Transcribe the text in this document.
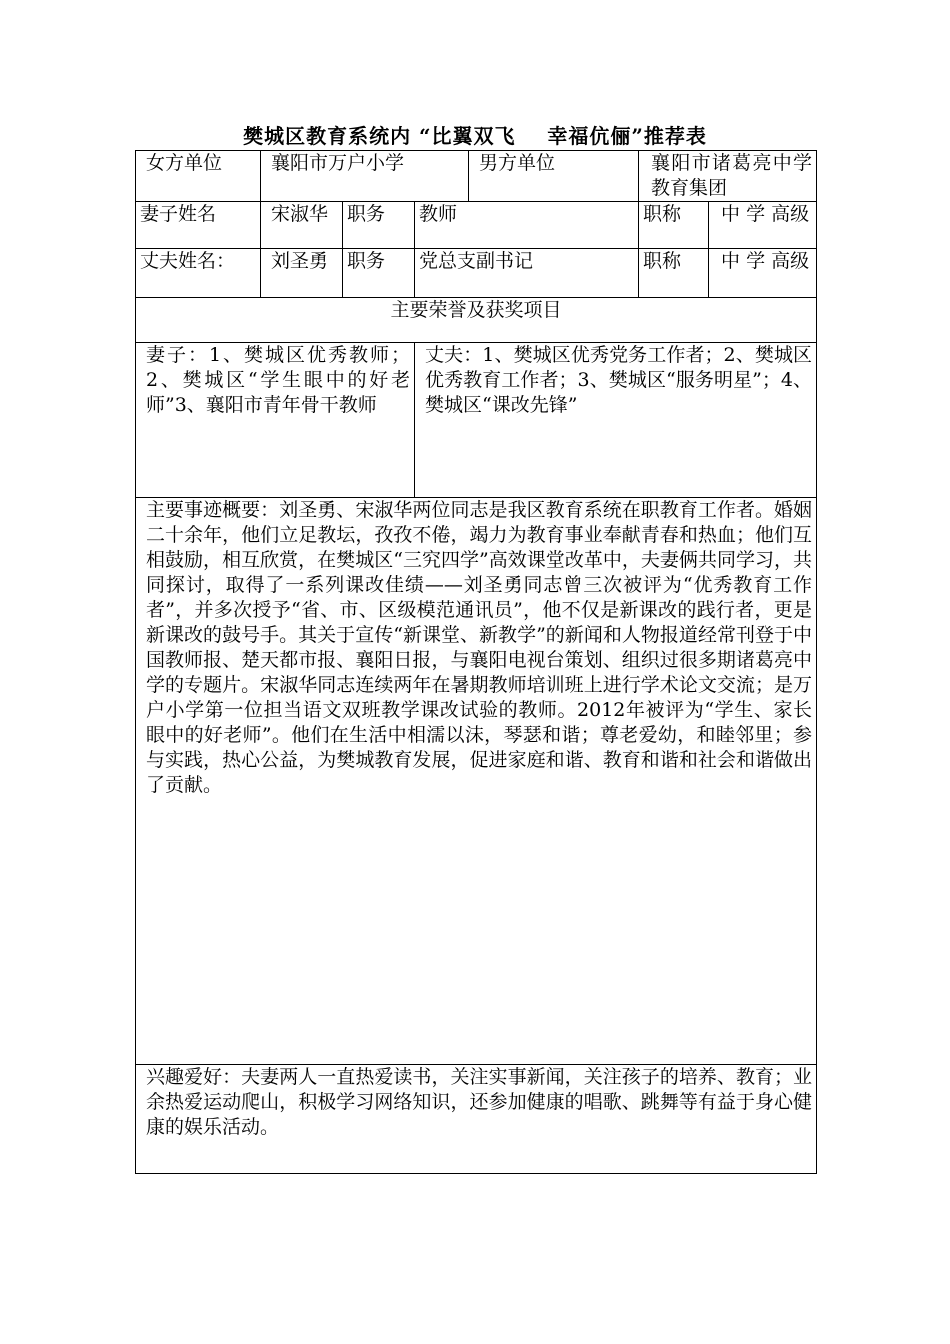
樊城区教育系统内 “比翼双飞    幸福伉俪”推荐表
女方单位	襄阳市万户小学			男方单位	襄阳市诸葛亮中学教育集团	
妻子姓名	宋淑华	职务	教师		职称	中 学 高级
丈夫姓名：	刘圣勇	职务	党总支副书记		职称	中 学 高级
主要荣誉及获奖项目						
妻子：1、樊城区优秀教师；2、樊城区“学生眼中的好老师”3、襄阳市青年骨干教师			丈夫：1、樊城区优秀党务工作者；2、樊城区优秀教育工作者；3、樊城区“服务明星”；4、樊城区“课改先锋”			
主要事迹概要：刘圣勇、宋淑华两位同志是我区教育系统在职教育工作者。婚姻二十余年，他们立足教坛，孜孜不倦，竭力为教育事业奉献青春和热血；他们互相鼓励，相互欣赏，在樊城区“三究四学”高效课堂改革中，夫妻俩共同学习，共同探讨，取得了一系列课改佳绩——刘圣勇同志曾三次被评为“优秀教育工作者”，并多次授予“省、市、区级模范通讯员”，他不仅是新课改的践行者，更是新课改的鼓号手。其关于宣传“新课堂、新教学”的新闻和人物报道经常刊登于中国教师报、楚天都市报、襄阳日报，与襄阳电视台策划、组织过很多期诸葛亮中学的专题片。宋淑华同志连续两年在暑期教师培训班上进行学术论文交流；是万户小学第一位担当语文双班教学课改试验的教师。2012年被评为“学生、家长眼中的好老师”。他们在生活中相濡以沫，琴瑟和谐；尊老爱幼，和睦邻里；参与实践，热心公益，为樊城教育发展，促进家庭和谐、教育和谐和社会和谐做出了贡献。						
兴趣爱好：夫妻两人一直热爱读书，关注实事新闻，关注孩子的培养、教育；业余热爱运动爬山，积极学习网络知识，还参加健康的唱歌、跳舞等有益于身心健康的娱乐活动。						
